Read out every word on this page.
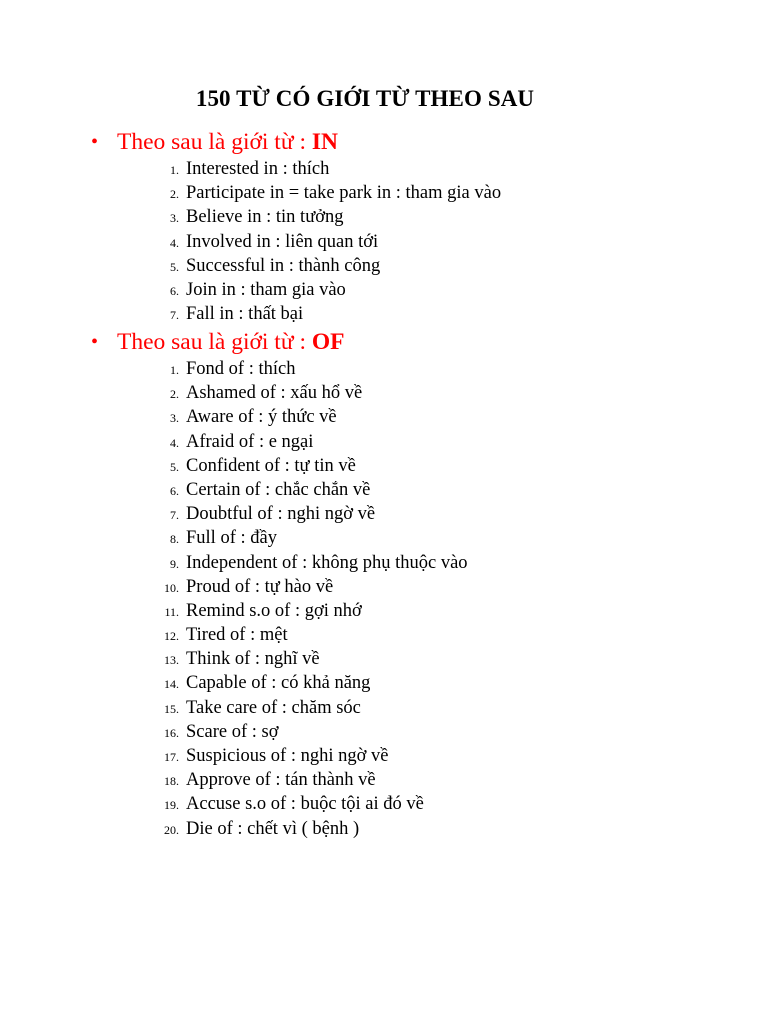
150 TỪ CÓ GIỚI TỪ THEO SAU
• Theo sau là giới từ : IN
1. Interested in : thích
2. Participate in = take park in : tham gia vào
3. Believe in : tin tưởng
4. Involved in : liên quan tới
5. Successful in : thành công
6. Join in : tham gia vào
7. Fall in : thất bại
• Theo sau là giới từ : OF
1. Fond of : thích
2. Ashamed of : xấu hổ về
3. Aware of : ý thức về
4. Afraid of : e ngại
5. Confident of : tự tin về
6. Certain of : chắc chắn về
7. Doubtful of : nghi ngờ về
8. Full of : đầy
9. Independent of : không phụ thuộc vào
10. Proud of : tự hào về
11. Remind s.o of : gợi nhớ
12. Tired of : mệt
13. Think of : nghĩ về
14. Capable of : có khả năng
15. Take care of : chăm sóc
16. Scare of : sợ
17. Suspicious of : nghi ngờ về
18. Approve of : tán thành về
19. Accuse s.o of : buộc tội ai đó về
20. Die of : chết vì ( bệnh )
